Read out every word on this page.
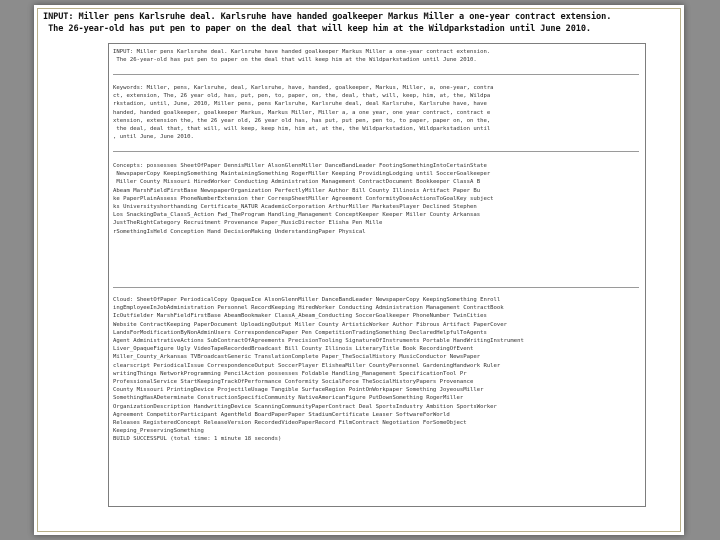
INPUT: Miller pens Karlsruhe deal. Karlsruhe have handed goalkeeper Markus Miller a one-year contract extension.
The 26-year-old has put pen to paper on the deal that will keep him at the Wildparkstadion until June 2010.
INPUT: Miller pens Karlsruhe deal. Karlsruhe have handed goalkeeper Markus Miller a one-year contract extension.
The 26-year-old has put pen to paper on the deal that will keep him at the Wildparkstadion until June 2010.
Keywords: Miller, pens, Karlsruhe, deal, Karlsruhe, have, handed, goalkeeper, Markus, Miller, a, one-year, contra
ct, extension, The, 26 year old, has, put, pen, to, paper, on, the, deal, that, will, keep, him, at, the, Wildpa
rkstadion, until, June, 2010, Miller pens, pens Karlsruhe, Karlsruhe deal, deal Karlsruhe, Karlsruhe have, have
handed, handed goalkeeper, goalkeeper Markus, Markus Miller, Miller a, a one year, one year contract, contract e
xtension, extension the, the 26 year old, 26 year old has, has put, put pen, pen to, to paper, paper on, on the,
the deal, deal that, that will, will keep, keep him, him at, at the, the Wildparkstadion, Wildparkstadion until
, until June, June 2010.
Concepts: possesses SheetOfPaper DennisMiller AlsonGlennMiller DanceBandLeader FootingSomethingIntoCertainState
NewspaperCopy KeepingSomething MaintainingSomething RogerMiller Keeping ProvidingLodging until SoccerGoalkeeper
Miller County Missouri HiredWorker Conducting Administration Management ContractDocument Bookkeeper ClassA B
Abeam MarshFieldFirstBase NewspaperOrganization PerfectlyMiller Author Bill County Illinois Artifact Paper Bu
ke PaperPlainAssess PhoneNumberExtension ther CorrespSheetMiller Agreement ConformityDoesActionsToGoalKey subject
ks Universityshorthanding Certificate_NATUR AcademicCorporation ArthurMiller MarkatesPlayer Declined Stephen
Los SnackingData_ClassS_Action Fwd_TheProgram Handling_Management ConceptKeeper Keeper Miller County Arkansas
JustTheRightCategory Recruitment Provenance Paper_MusicDirector Elisha Pen Mille
rSomethingIsHeld Conception Hand DecisionMaking UnderstandingPaper Physical
Cloud: SheetOfPaper PeriodicalCopy OpaqueIce AlsonGlennMiller DanceBandLeader NewspaperCopy KeepingSomething Enroll
ingEmployeeInJobAdministration Personnel RecordKeeping HiredWorker Conducting Administration Management ContractBook
IcOutfielder MarshFieldFirstBase AbeamBookmaker ClassA_Abeam_Conducting SoccerGoalkeeper PhoneNumber TwinCities
Website ContractKeeping PaperDocument UploadingOutput Miller County ArtisticWorker Author Fibrous Artifact PaperCover
LandsForModificationByNonAdminUsers CorrespondencePaper Pen CompetitionTradingSomething DeclaredHelpfulToAgents
Agent AdministrativeActions SubContractOfAgreements PrecisionTooling SignatureOfInstruments Portable HandWritingInstrument
Liver_OpaqueFigure Ugly VideoTapeRecordedBroadcast Bill County Illinois LiteraryTitle Book RecordingOfEvent
Miller_County_Arkansas TVBroadcastGeneric TranslationComplete Paper_TheSocialHistory MusicConductor NewsPaper
clearscript PeriodicalIssue CorrespondenceOutput SoccerPlayer ElisheaMiller CountyPersonnel GardeningHandwork Ruler
writingThings NetworkProgramming PencilAction possesses Foldable Handling_Management SpecificationTool Pr
ProfessionalService StartKeepingTrackOfPerformance Conformity SocialForce TheSocialHistoryPapers Provenance
County Missouri PrintingDevice ProjectileUsage Tangible SurfaceRegion PointOnWorkpaper Something JoyeousMiller
SomethingHasADeterminate ConstructionSpecificCommunity NativeAmericanFigure PutDownSomething RogerMiller
OrganizationDescription HandwritingDevice ScanningCommunityPaperContract Deal SportsIndustry Ambition SportsWorker
Agreement CompetitorParticipant AgentHeld BoardPaperPaper StadiumCertificate Leaser SoftwareForWorld
Releases RegisteredConcept ReleaseVersion RecordedVideoPaperRecord FilmContract Negotiation ForSomeObject
Keeping_PreservingSomething
BUILD SUCCESSFUL (total time: 1 minute 18 seconds)
